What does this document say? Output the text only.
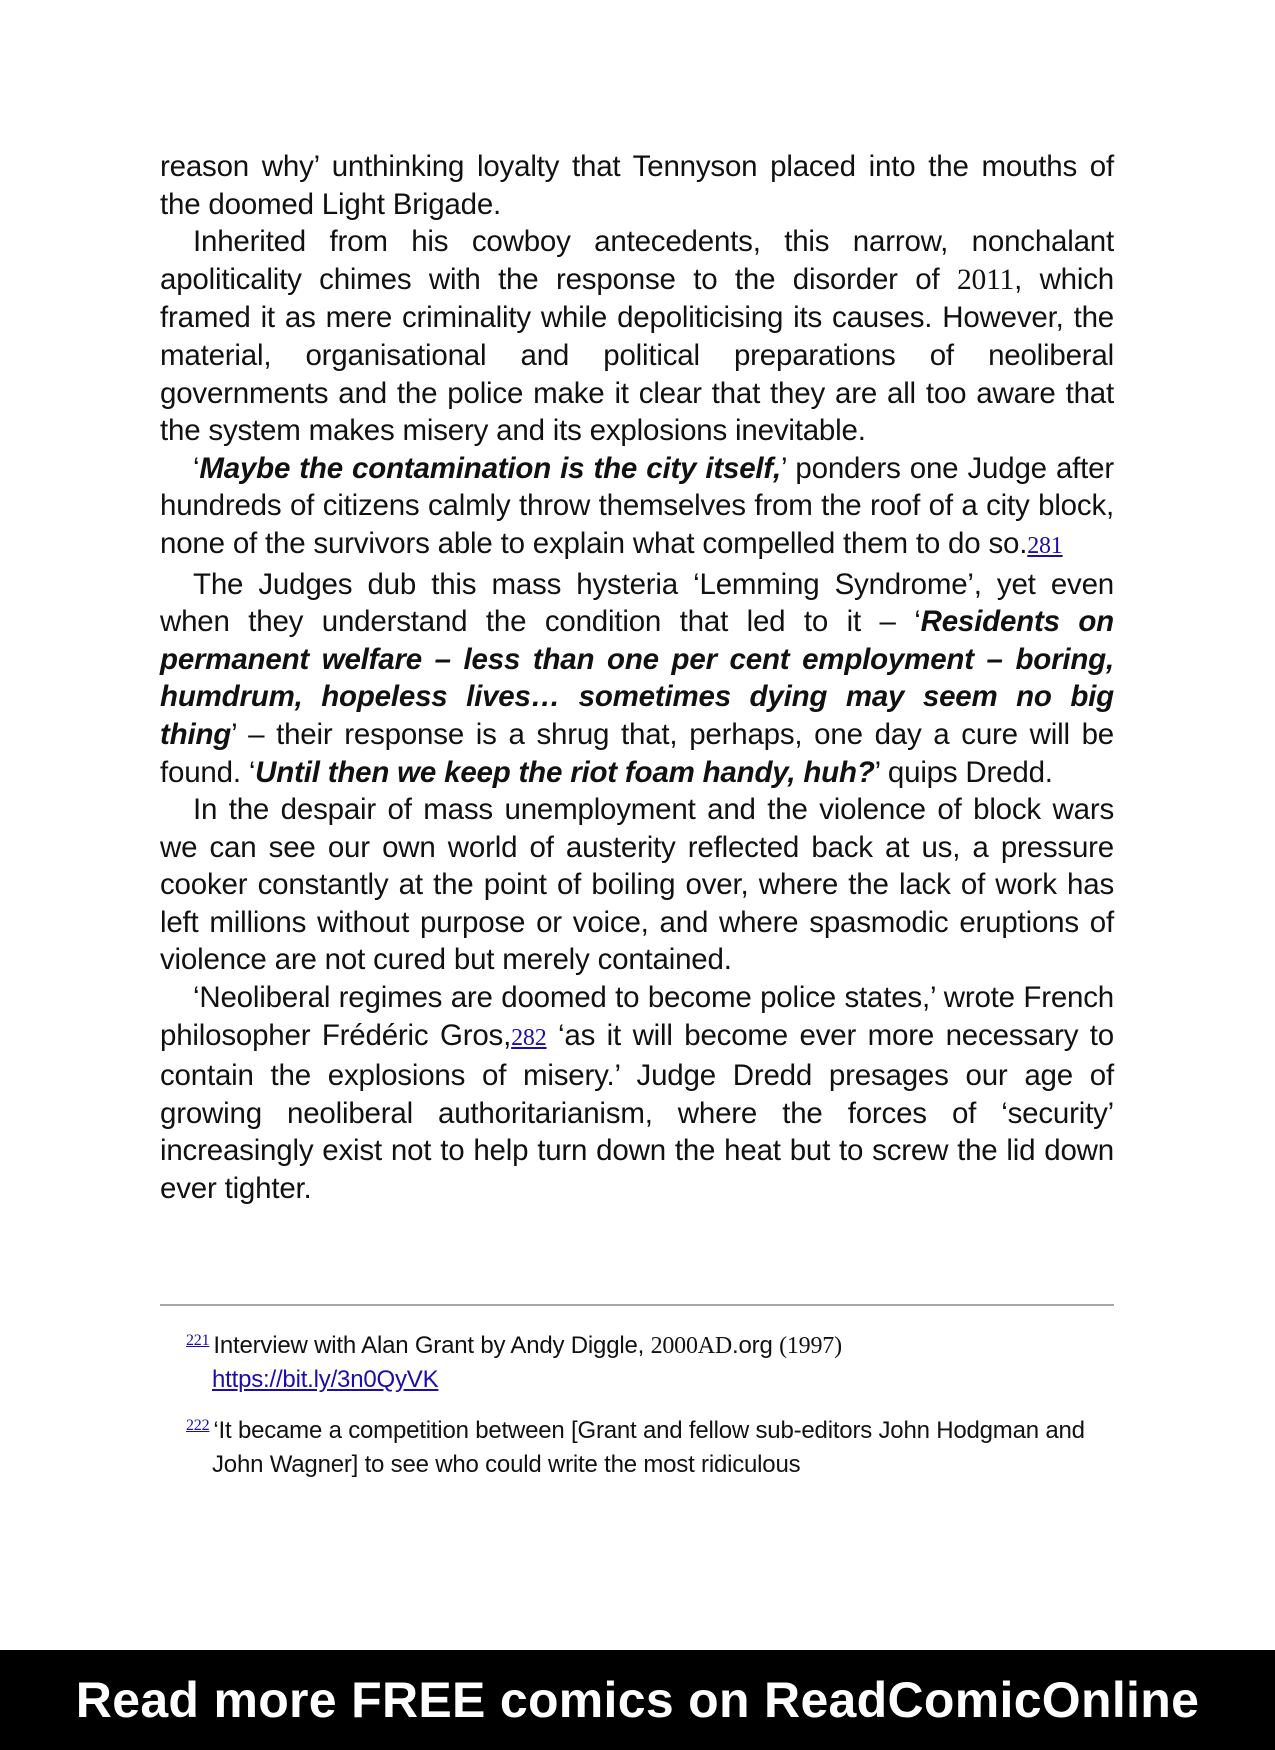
reason why’ unthinking loyalty that Tennyson placed into the mouths of the doomed Light Brigade.

Inherited from his cowboy antecedents, this narrow, nonchalant apoliticality chimes with the response to the disorder of 2011, which framed it as mere criminality while depoliticising its causes. However, the material, organisational and political preparations of neoliberal governments and the police make it clear that they are all too aware that the system makes misery and its explosions inevitable.

‘Maybe the contamination is the city itself,’ ponders one Judge after hundreds of citizens calmly throw themselves from the roof of a city block, none of the survivors able to explain what compelled them to do so.281

The Judges dub this mass hysteria ‘Lemming Syndrome’, yet even when they understand the condition that led to it – ‘Residents on permanent welfare – less than one per cent employment – boring, humdrum, hopeless lives… sometimes dying may seem no big thing’ – their response is a shrug that, perhaps, one day a cure will be found. ‘Until then we keep the riot foam handy, huh?’ quips Dredd.

In the despair of mass unemployment and the violence of block wars we can see our own world of austerity reflected back at us, a pressure cooker constantly at the point of boiling over, where the lack of work has left millions without purpose or voice, and where spasmodic eruptions of violence are not cured but merely contained.

‘Neoliberal regimes are doomed to become police states,’ wrote French philosopher Frédéric Gros,282 ‘as it will become ever more necessary to contain the explosions of misery.’ Judge Dredd presages our age of growing neoliberal authoritarianism, where the forces of ‘security’ increasingly exist not to help turn down the heat but to screw the lid down ever tighter.

$^{221}$ Interview with Alan Grant by Andy Diggle, 2000AD.org (1997)
https://bit.ly/3n0QyVK
$^{222}$ ‘It became a competition between [Grant and fellow sub-editors John Hodgman and John Wagner] to see who could write the most ridiculous
Read more FREE comics on ReadComicOnline
